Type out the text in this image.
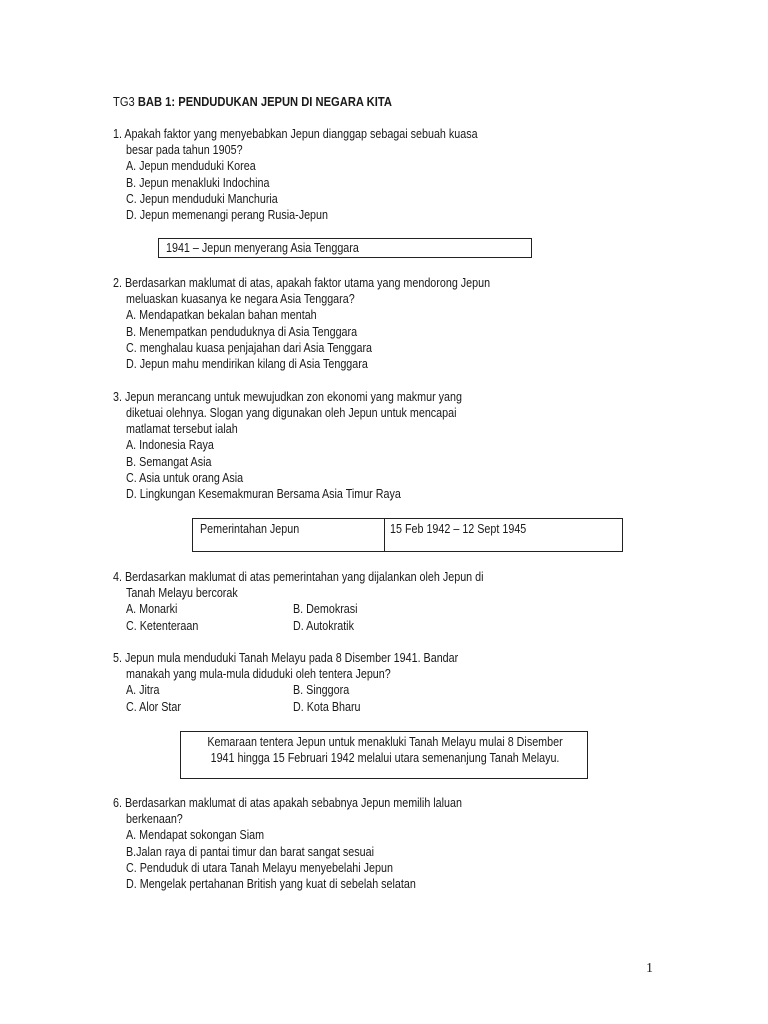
TG3 BAB 1: PENDUDUKAN JEPUN DI NEGARA KITA
1. Apakah faktor yang menyebabkan Jepun dianggap sebagai sebuah kuasa
besar pada tahun 1905?
A. Jepun menduduki Korea
B. Jepun menakluki Indochina
C. Jepun menduduki Manchuria
D. Jepun memenangi perang Rusia-Jepun
1941 – Jepun menyerang Asia Tenggara
2. Berdasarkan maklumat di atas, apakah faktor utama yang mendorong Jepun
meluaskan kuasanya ke negara Asia Tenggara?
A. Mendapatkan bekalan bahan mentah
B. Menempatkan penduduknya di Asia Tenggara
C. menghalau kuasa penjajahan dari Asia Tenggara
D. Jepun mahu mendirikan kilang di Asia Tenggara
3. Jepun merancang untuk mewujudkan zon ekonomi yang makmur yang
diketuai olehnya. Slogan yang digunakan oleh Jepun untuk mencapai
matlamat tersebut ialah
A. Indonesia Raya
B. Semangat Asia
C. Asia untuk orang Asia
D. Lingkungan Kesemakmuran Bersama Asia Timur Raya
Pemerintahan Jepun	15 Feb 1942 – 12 Sept 1945
4. Berdasarkan maklumat di atas pemerintahan yang dijalankan oleh Jepun di
Tanah Melayu bercorak
A. Monarki	B. Demokrasi
C. Ketenteraan	D. Autokratik
5. Jepun mula menduduki Tanah Melayu pada 8 Disember 1941. Bandar
manakah yang mula-mula diduduki oleh tentera Jepun?
A. Jitra	B. Singgora
C. Alor Star	D. Kota Bharu
Kemaraan tentera Jepun untuk menakluki Tanah Melayu mulai 8 Disember
1941 hingga 15 Februari 1942 melalui utara semenanjung Tanah Melayu.
6. Berdasarkan maklumat di atas apakah sebabnya Jepun memilih laluan
berkenaan?
A. Mendapat sokongan Siam
B.Jalan raya di pantai timur dan barat sangat sesuai
C. Penduduk di utara Tanah Melayu menyebelahi Jepun
D. Mengelak pertahanan British yang kuat di sebelah selatan
1
